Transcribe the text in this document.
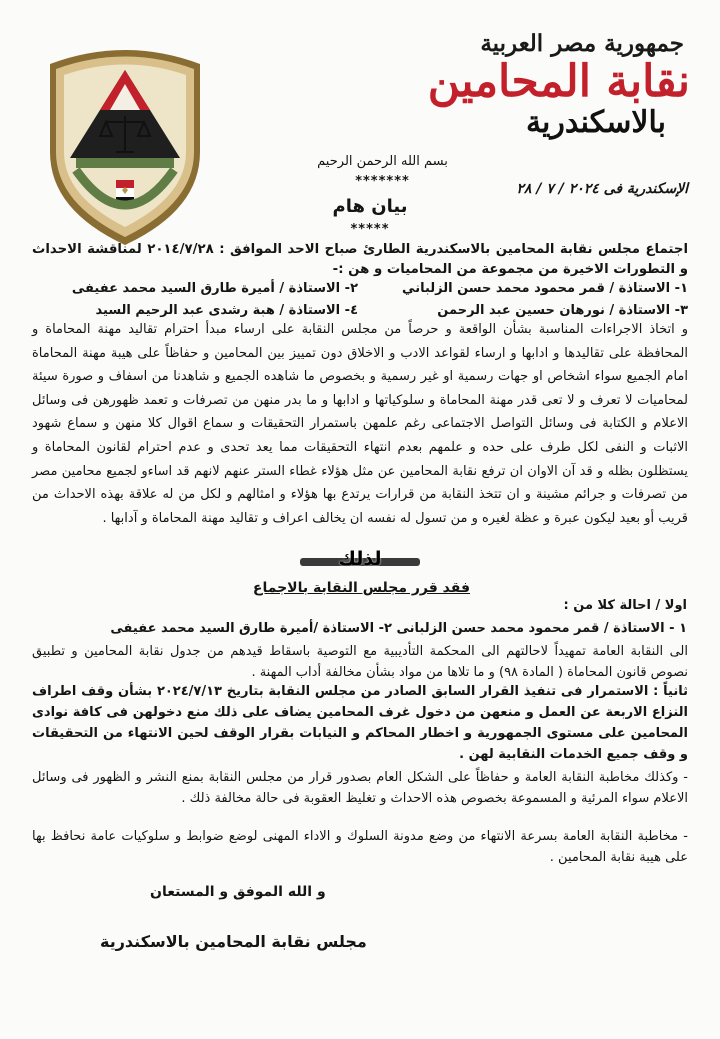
جمهورية مصر العربية
نقابة المحامين
بالاسكندرية
الإسكندرية فى ٢٠٢٤ / ٧ / ٢٨
بسم الله الرحمن الرحيم
*******
بيان هام
*****
اجتماع مجلس نقابة المحامين بالاسكندرية الطارئ صباح الاحد الموافق : ٢٠١٤/٧/٢٨ لمناقشة الاحداث و التطورات الاخيرة من مجموعة من المحاميات و هن :-
١- الاستاذة / قمر محمود محمد حسن الزلباني٢- الاستاذة / أميرة طارق السيد محمد عفيفى
٣- الاستاذة / نورهان حسين عبد الرحمن٤- الاستاذة / هبة رشدى عبد الرحيم السيد
و اتخاذ الاجراءات المناسبة بشأن الواقعة و حرصاً من مجلس النقابة على ارساء مبدأ احترام تقاليد مهنة المحاماة و المحافظة على تقاليدها و ادابها و ارساء لقواعد الادب و الاخلاق دون تمييز بين المحامين و حفاظاً على هيبة مهنة المحاماة امام الجميع سواء اشخاص او جهات رسمية او غير رسمية و بخصوص ما شاهده الجميع و شاهدنا من اسفاف و صورة سيئة لمحاميات لا تعرف و لا تعى قدر مهنة المحاماة و سلوكياتها و ادابها و ما بدر منهن من تصرفات و تعمد ظهورهن فى وسائل الاعلام و الكتابة فى وسائل التواصل الاجتماعى رغم علمهن باستمرار التحقيقات و سماع اقوال كلا منهن و سماع شهود الاثبات و النفى لكل طرف على حده و علمهم بعدم انتهاء التحقيقات مما يعد تحدى و عدم احترام لقانون المحاماة و يستظلون بظله و قد آن الاوان ان ترفع نقابة المحامين عن مثل هؤلاء غطاء الستر عنهم لانهم قد اساءو لجميع محامين مصر من تصرفات و جرائم مشينة و ان تتخذ النقابة من قرارات يرتدع بها هؤلاء و امثالهم و لكل من له علاقة بهذه الاحداث من قريب أو بعيد ليكون عبرة و عظة لغيره و من تسول له نفسه ان يخالف اعراف و تقاليد مهنة المحاماة و آدابها .
لذلك
فقد قرر مجلس النقابة بالاجماع
اولا / احالة كلا من :
١ - الاستاذة / قمر محمود محمد حسن الزلبانى ٢- الاستاذة /أميرة طارق السيد محمد عفيفى
الى النقابة العامة تمهيداً لاحالتهم الى المحكمة التأديبية مع التوصية باسقاط قيدهم من جدول نقابة المحامين و تطبيق نصوص قانون المحاماة ( المادة ٩٨) و ما تلاها من مواد بشأن مخالفة أداب المهنة .
ثانياً : الاستمرار فى تنفيذ القرار السابق الصادر من مجلس النقابة بتاريخ ٢٠٢٤/٧/١٣ بشأن وقف اطراف النزاع الاربعة عن العمل و منعهن من دخول غرف المحامين يضاف على ذلك منع دخولهن فى كافة نوادى المحامين على مستوى الجمهورية و اخطار المحاكم و النيابات بقرار الوقف لحين الانتهاء من التحقيقات و وقف جميع الخدمات النقابية لهن .
- وكذلك مخاطبة النقابة العامة و حفاظاً على الشكل العام بصدور قرار من مجلس النقابة بمنع النشر و الظهور فى وسائل الاعلام سواء المرئية و المسموعة بخصوص هذه الاحداث و تغليظ العقوبة فى حالة مخالفة ذلك .
- مخاطبة النقابة العامة بسرعة الانتهاء من وضع مدونة السلوك و الاداء المهنى لوضع ضوابط و سلوكيات عامة نحافظ بها على هيبة نقابة المحامين .
و الله الموفق و المستعان
مجلس نقابة المحامين بالاسكندرية
